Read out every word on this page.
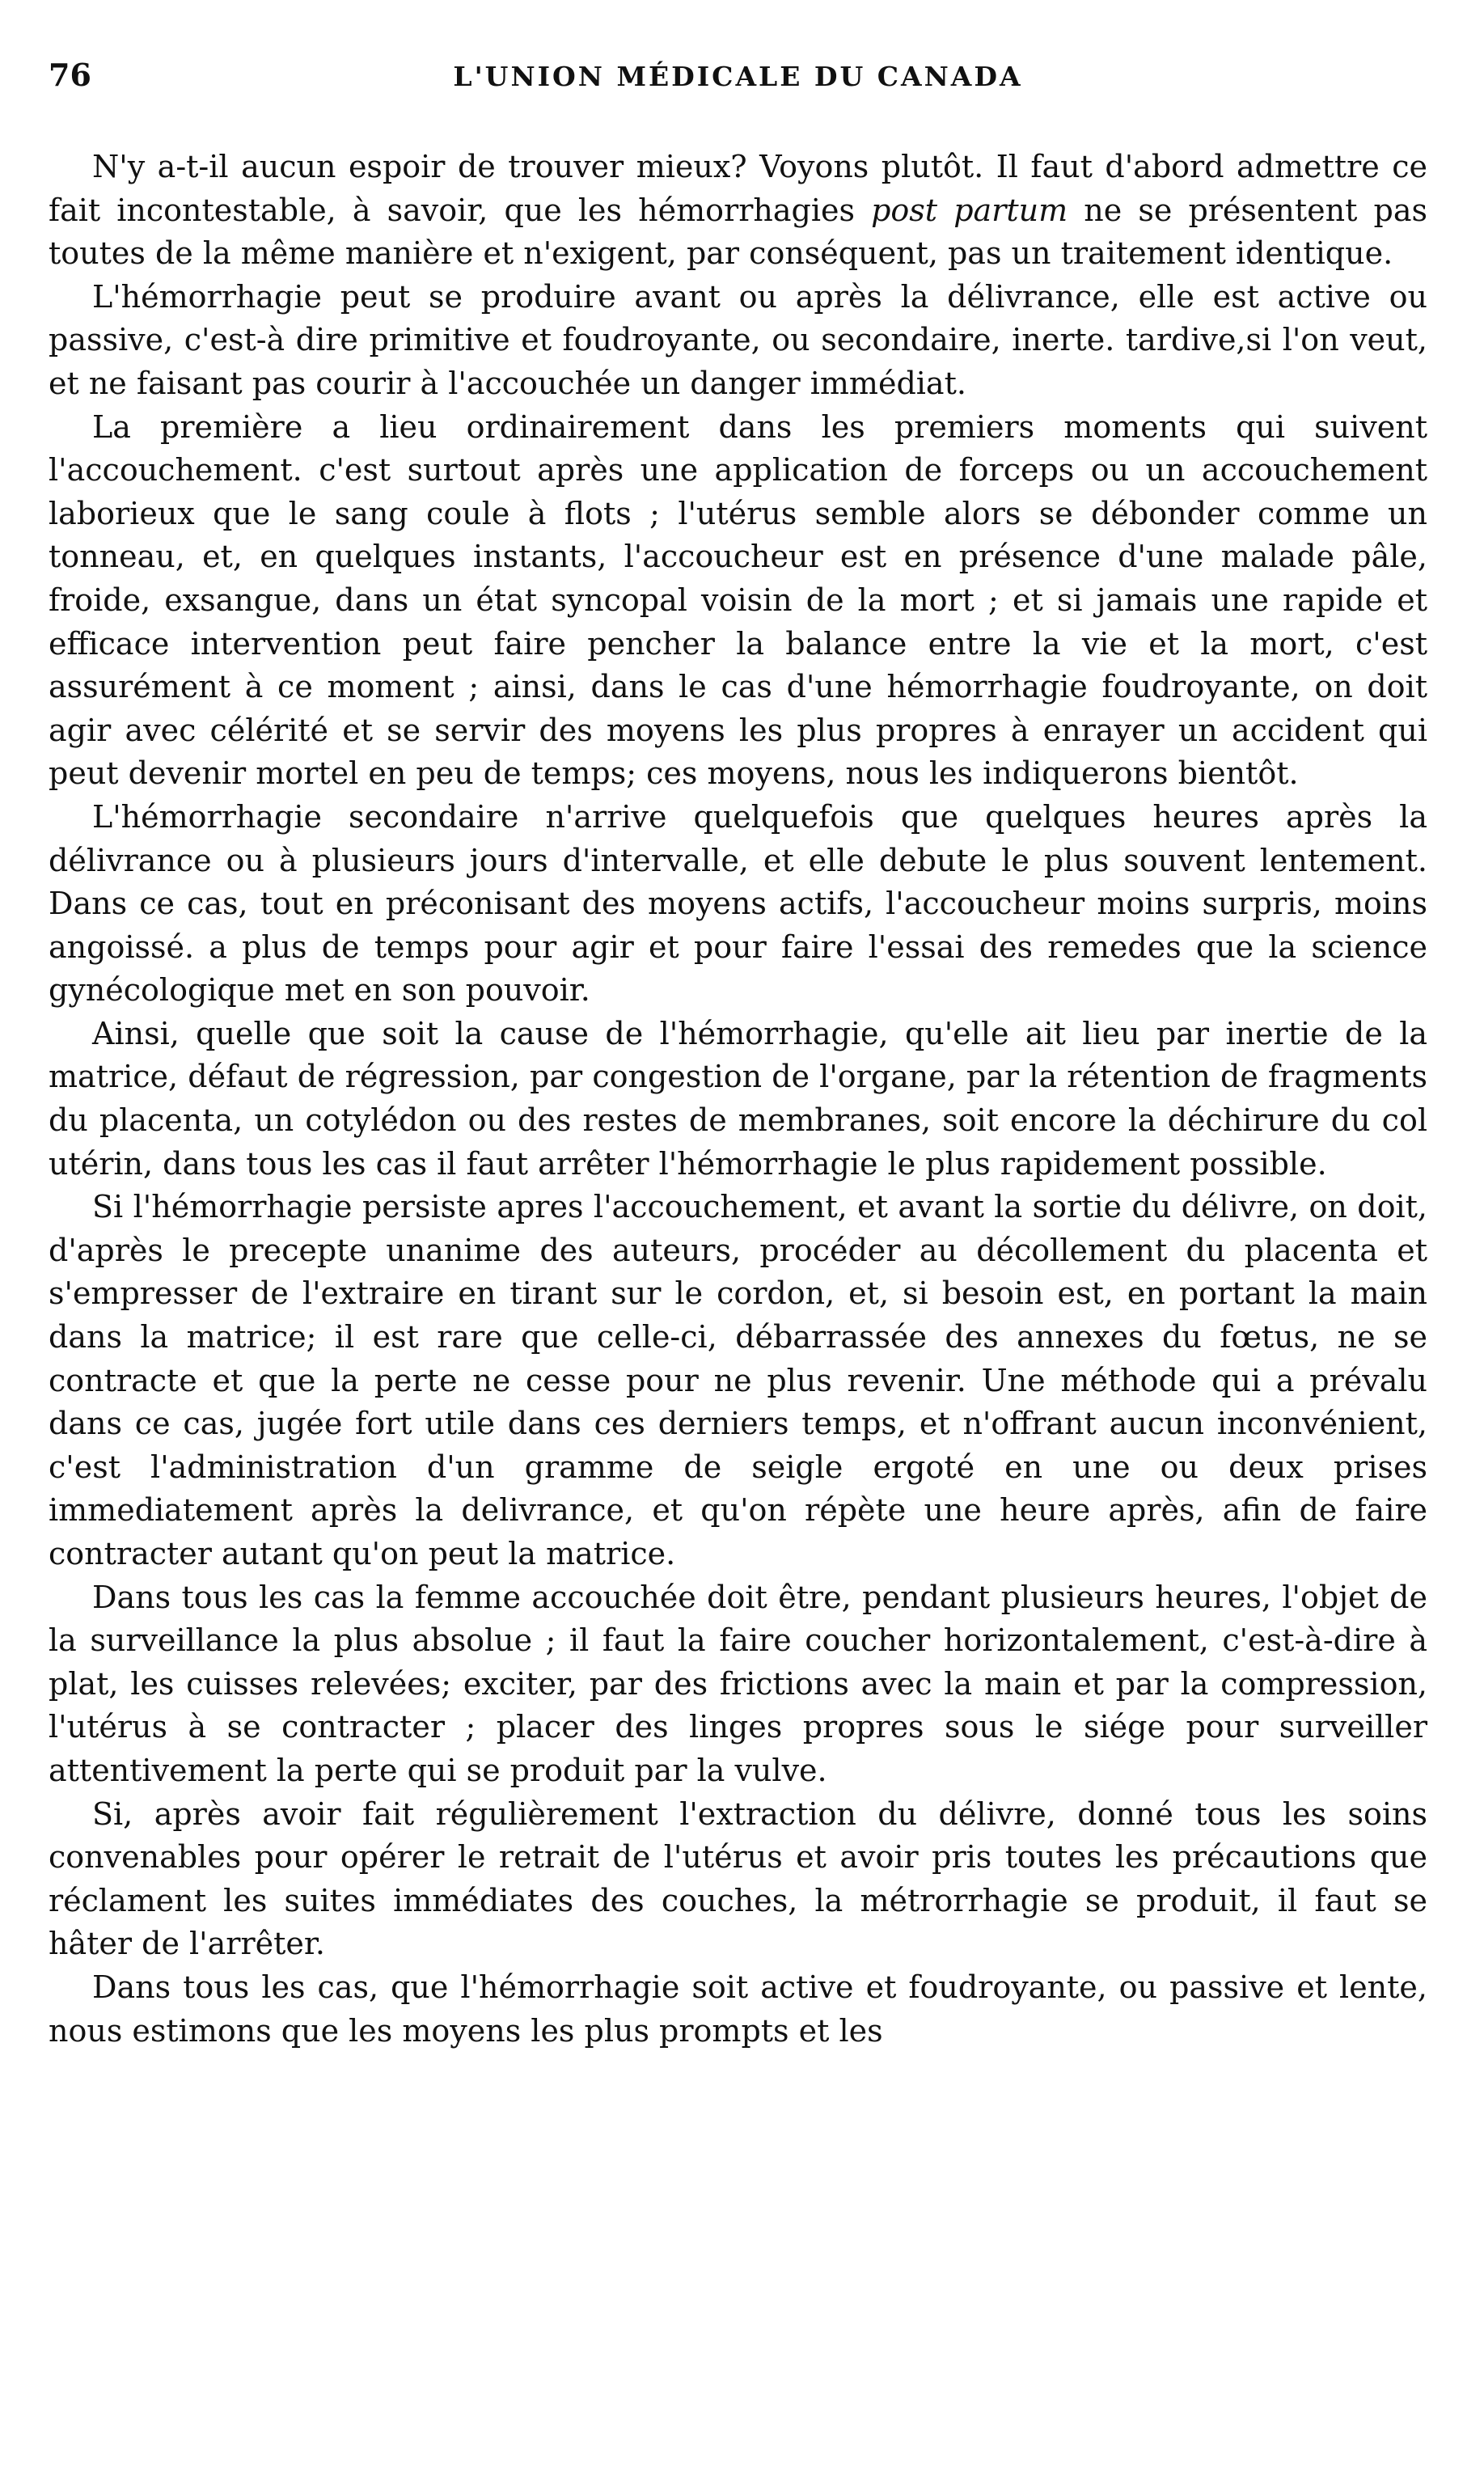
76	L'UNION MÉDICALE DU CANADA

N'y a-t-il aucun espoir de trouver mieux? Voyons plutôt. Il faut d'abord admettre ce fait incontestable, à savoir, que les hémorrhagies post partum ne se présentent pas toutes de la même manière et n'exigent, par conséquent, pas un traitement identique.

L'hémorrhagie peut se produire avant ou après la délivrance, elle est active ou passive, c'est-à dire primitive et foudroyante, ou secondaire, inerte. tardive,si l'on veut, et ne faisant pas courir à l'accouchée un danger immédiat.

La première a lieu ordinairement dans les premiers moments qui suivent l'accouchement. c'est surtout après une application de forceps ou un accouchement laborieux que le sang coule à flots ; l'utérus semble alors se débonder comme un tonneau, et, en quelques instants, l'accoucheur est en présence d'une malade pâle, froide, exsangue, dans un état syncopal voisin de la mort ; et si jamais une rapide et efficace intervention peut faire pencher la balance entre la vie et la mort, c'est assurément à ce moment ; ainsi, dans le cas d'une hémorrhagie foudroyante, on doit agir avec célérité et se servir des moyens les plus propres à enrayer un accident qui peut devenir mortel en peu de temps; ces moyens, nous les indiquerons bientôt.

L'hémorrhagie secondaire n'arrive quelquefois que quelques heures après la délivrance ou à plusieurs jours d'intervalle, et elle debute le plus souvent lentement. Dans ce cas, tout en préconisant des moyens actifs, l'accoucheur moins surpris, moins angoissé. a plus de temps pour agir et pour faire l'essai des remedes que la science gynécologique met en son pouvoir.

Ainsi, quelle que soit la cause de l'hémorrhagie, qu'elle ait lieu par inertie de la matrice, défaut de régression, par congestion de l'organe, par la rétention de fragments du placenta, un cotylédon ou des restes de membranes, soit encore la déchirure du col utérin, dans tous les cas il faut arrêter l'hémorrhagie le plus rapidement possible.

Si l'hémorrhagie persiste apres l'accouchement, et avant la sortie du délivre, on doit, d'après le precepte unanime des auteurs, procéder au décollement du placenta et s'empresser de l'extraire en tirant sur le cordon, et, si besoin est, en portant la main dans la matrice; il est rare que celle-ci, débarrassée des annexes du fœtus, ne se contracte et que la perte ne cesse pour ne plus revenir. Une méthode qui a prévalu dans ce cas, jugée fort utile dans ces derniers temps, et n'offrant aucun inconvénient, c'est l'administration d'un gramme de seigle ergoté en une ou deux prises immediatement après la delivrance, et qu'on répète une heure après, afin de faire contracter autant qu'on peut la matrice.

Dans tous les cas la femme accouchée doit être, pendant plusieurs heures, l'objet de la surveillance la plus absolue ; il faut la faire coucher horizontalement, c'est-à-dire à plat, les cuisses relevées; exciter, par des frictions avec la main et par la compression, l'utérus à se contracter ; placer des linges propres sous le siége pour surveiller attentivement la perte qui se produit par la vulve.

Si, après avoir fait régulièrement l'extraction du délivre, donné tous les soins convenables pour opérer le retrait de l'utérus et avoir pris toutes les précautions que réclament les suites immédiates des couches, la métrorrhagie se produit, il faut se hâter de l'arrêter.

Dans tous les cas, que l'hémorrhagie soit active et foudroyante, ou passive et lente, nous estimons que les moyens les plus prompts et les
